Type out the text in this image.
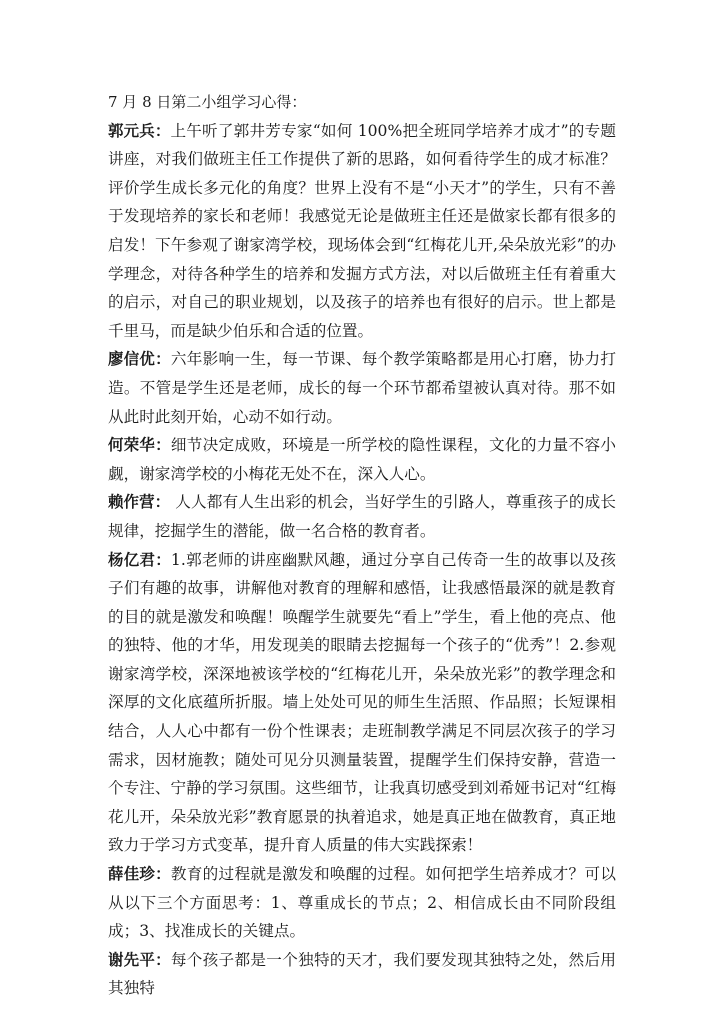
7 月 8 日第二小组学习心得：

郭元兵：上午听了郭井芳专家“如何 100%把全班同学培养才成才”的专题讲座，对我们做班主任工作提供了新的思路，如何看待学生的成才标准？评价学生成长多元化的角度？世界上没有不是“小天才”的学生，只有不善于发现培养的家长和老师！我感觉无论是做班主任还是做家长都有很多的启发！下午参观了谢家湾学校，现场体会到“红梅花儿开,朵朵放光彩”的办学理念，对待各种学生的培养和发掘方式方法，对以后做班主任有着重大的启示，对自己的职业规划，以及孩子的培养也有很好的启示。世上都是千里马，而是缺少伯乐和合适的位置。

廖信优：六年影响一生，每一节课、每个教学策略都是用心打磨，协力打造。不管是学生还是老师，成长的每一个环节都希望被认真对待。那不如从此时此刻开始，心动不如行动。

何荣华：细节决定成败，环境是一所学校的隐性课程，文化的力量不容小觑，谢家湾学校的小梅花无处不在，深入人心。

赖作营： 人人都有人生出彩的机会，当好学生的引路人，尊重孩子的成长规律，挖掘学生的潜能，做一名合格的教育者。

杨亿君：1.郭老师的讲座幽默风趣，通过分享自己传奇一生的故事以及孩子们有趣的故事，讲解他对教育的理解和感悟，让我感悟最深的就是教育的目的就是激发和唤醒！唤醒学生就要先“看上”学生，看上他的亮点、他的独特、他的才华，用发现美的眼睛去挖掘每一个孩子的“优秀”！2.参观谢家湾学校，深深地被该学校的“红梅花儿开，朵朵放光彩”的教学理念和深厚的文化底蕴所折服。墙上处处可见的师生生活照、作品照；长短课相结合，人人心中都有一份个性课表；走班制教学满足不同层次孩子的学习需求，因材施教；随处可见分贝测量装置，提醒学生们保持安静，营造一个专注、宁静的学习氛围。这些细节，让我真切感受到刘希娅书记对“红梅花儿开，朵朵放光彩”教育愿景的执着追求，她是真正地在做教育，真正地致力于学习方式变革，提升育人质量的伟大实践探索！

薛佳珍：教育的过程就是激发和唤醒的过程。如何把学生培养成才？可以从以下三个方面思考：1、尊重成长的节点；2、相信成长由不同阶段组成；3、找准成长的关键点。

谢先平：每个孩子都是一个独特的天才，我们要发现其独特之处，然后用其独特
